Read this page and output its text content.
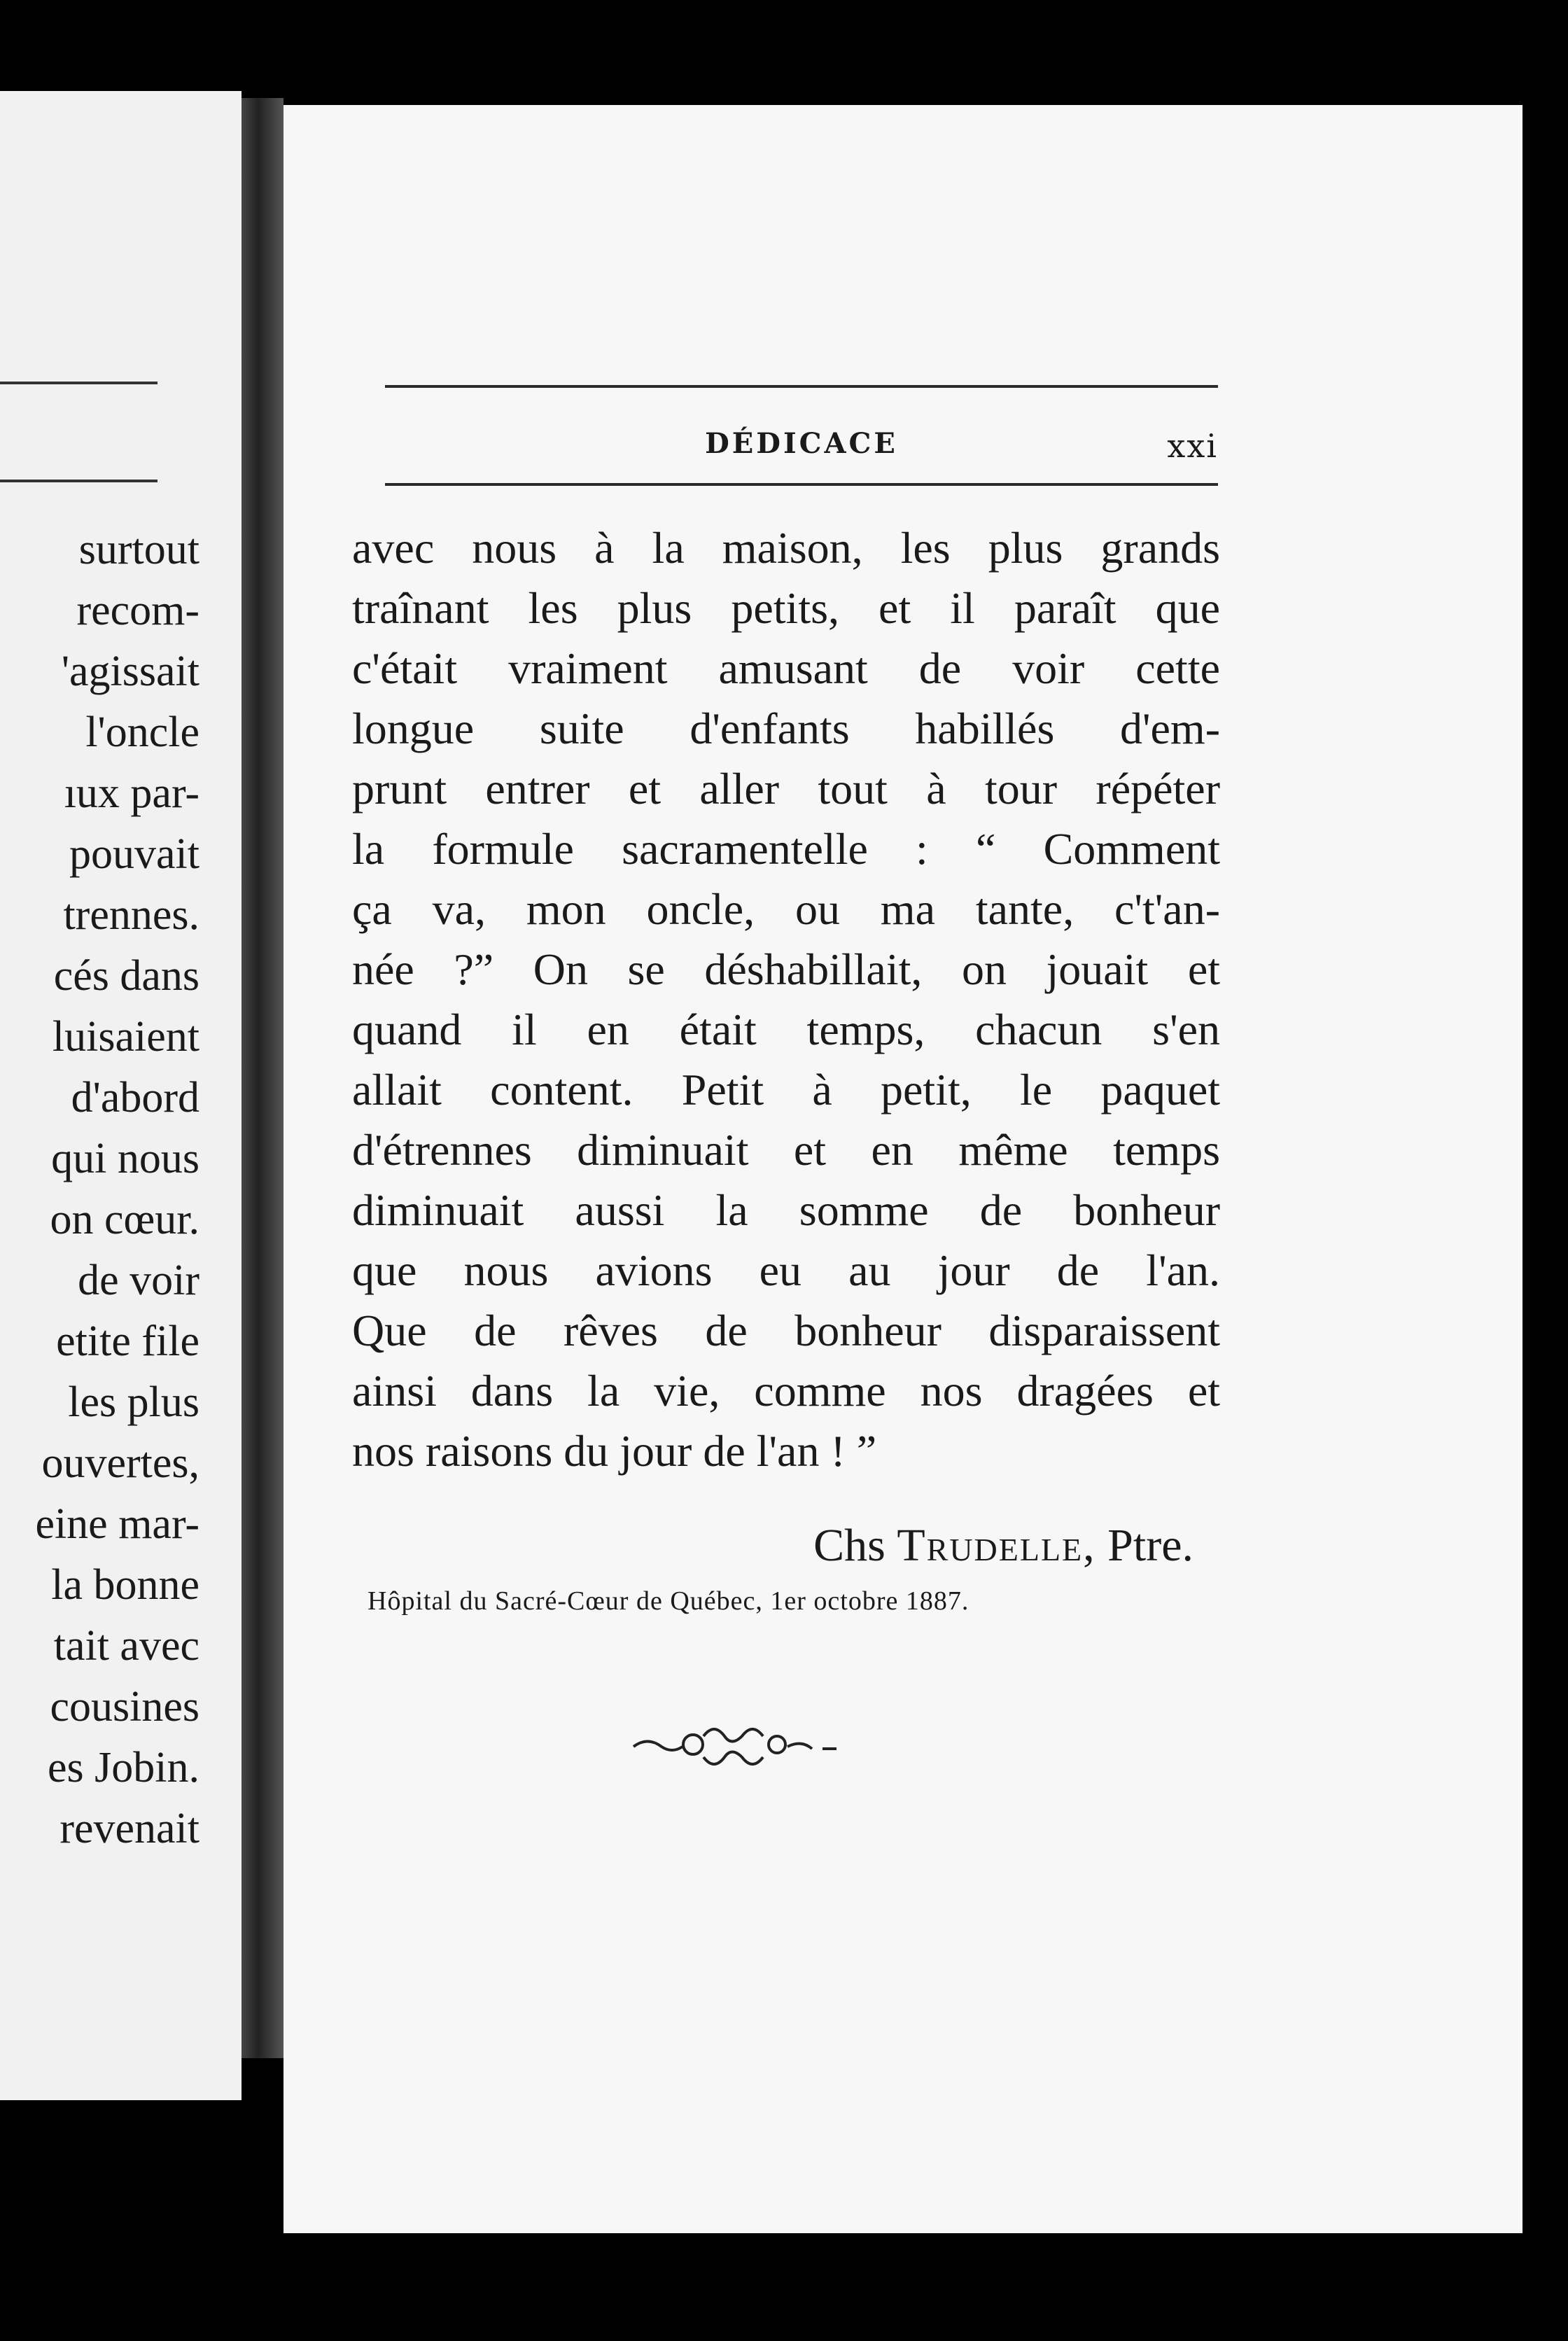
surtout
recom-
'agissait
l'oncle
ıux par-
pouvait
trennes.
cés dans
luisaient
d'abord
qui nous
on cœur.
de voir
etite file
les plus
ouvertes,
eine mar-
la bonne
tait avec
cousines
es Jobin.
revenait
DÉDICACE	xxi
avec nous à la maison, les plus grands
traînant les plus petits, et il paraît que
c'était vraiment amusant de voir cette
longue suite d'enfants habillés d'em-
prunt entrer et aller tout à tour répéter
la formule sacramentelle : “ Comment
ça va, mon oncle, ou ma tante, c't'an-
née ?” On se déshabillait, on jouait et
quand il en était temps, chacun s'en
allait content. Petit à petit, le paquet
d'étrennes diminuait et en même temps
diminuait aussi la somme de bonheur
que nous avions eu au jour de l'an.
Que de rêves de bonheur disparaissent
ainsi dans la vie, comme nos dragées et
nos raisons du jour de l'an ! ”
Chs Trudelle, Ptre.
Hôpital du Sacré-Cœur de Québec, 1er octobre 1887.
